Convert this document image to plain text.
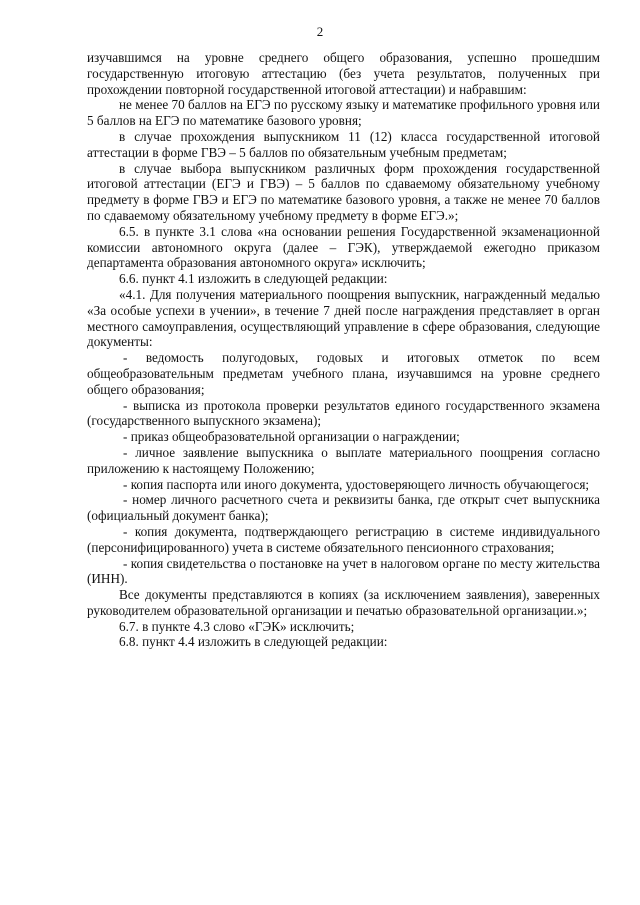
2

изучавшимся на уровне среднего общего образования, успешно прошедшим государственную итоговую аттестацию (без учета результатов, полученных при прохождении повторной государственной итоговой аттестации) и набравшим:

не менее 70 баллов на ЕГЭ по русскому языку и математике профильного уровня или 5 баллов на ЕГЭ по математике базового уровня;

в случае прохождения выпускником 11 (12) класса государственной итоговой аттестации в форме ГВЭ – 5 баллов по обязательным учебным предметам;

в случае выбора выпускником различных форм прохождения государственной итоговой аттестации (ЕГЭ и ГВЭ) – 5 баллов по сдаваемому обязательному учебному предмету в форме ГВЭ и ЕГЭ по математике базового уровня, а также не менее 70 баллов по сдаваемому обязательному учебному предмету в форме ЕГЭ.»;

6.5. в пункте 3.1 слова «на основании решения Государственной экзаменационной комиссии автономного округа (далее – ГЭК), утверждаемой ежегодно приказом департамента образования автономного округа» исключить;

6.6. пункт 4.1 изложить в следующей редакции:

«4.1. Для получения материального поощрения выпускник, награжденный медалью «За особые успехи в учении», в течение 7 дней после награждения представляет в орган местного самоуправления, осуществляющий управление в сфере образования, следующие документы:

- ведомость полугодовых, годовых и итоговых отметок по всем общеобразовательным предметам учебного плана, изучавшимся на уровне среднего общего образования;

- выписка из протокола проверки результатов единого государственного экзамена (государственного выпускного экзамена);

- приказ общеобразовательной организации о награждении;

- личное заявление выпускника о выплате материального поощрения согласно приложению к настоящему Положению;

- копия паспорта или иного документа, удостоверяющего личность обучающегося;

- номер личного расчетного счета и реквизиты банка, где открыт счет выпускника (официальный документ банка);

- копия документа, подтверждающего регистрацию в системе индивидуального (персонифицированного) учета в системе обязательного пенсионного страхования;

- копия свидетельства о постановке на учет в налоговом органе по месту жительства (ИНН).

Все документы представляются в копиях (за исключением заявления), заверенных руководителем образовательной организации и печатью образовательной организации.»;

6.7. в пункте 4.3 слово «ГЭК» исключить;

6.8. пункт 4.4 изложить в следующей редакции:
